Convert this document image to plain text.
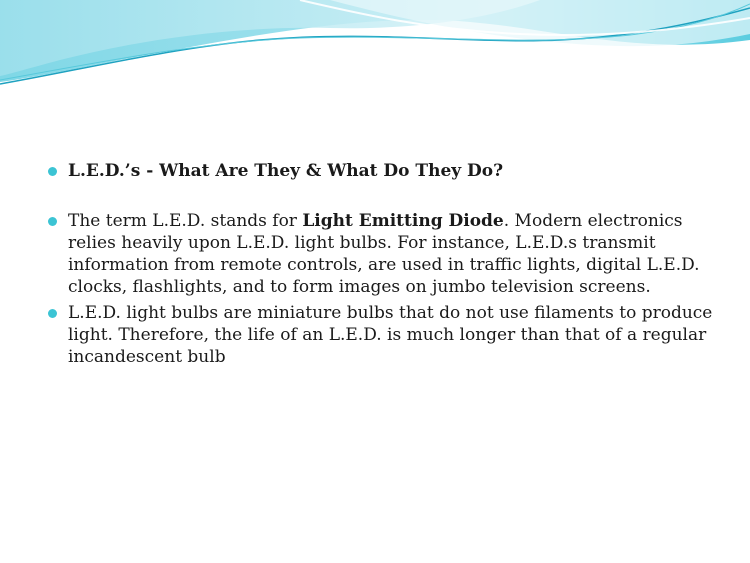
L.E.D.’s - What Are They & What Do They Do?
The term L.E.D. stands for Light Emitting Diode. Modern electronics relies heavily upon L.E.D. light bulbs. For instance, L.E.D.s transmit information from remote controls, are used in traffic lights, digital L.E.D. clocks, flashlights, and to form images on jumbo television screens.
L.E.D. light bulbs are miniature bulbs that do not use filaments to produce light. Therefore, the life of an L.E.D. is much longer than that of a regular incandescent bulb
